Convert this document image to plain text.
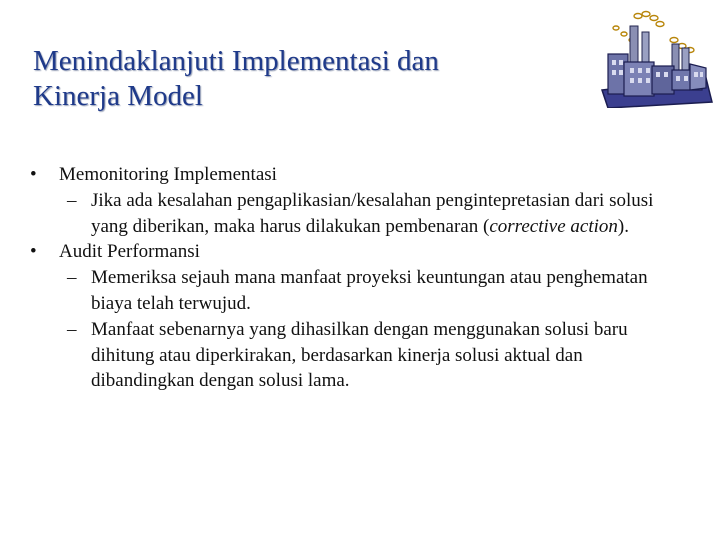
Menindaklanjuti Implementasi dan
Kinerja Model
• Memonitoring Implementasi
– Jika ada kesalahan pengaplikasian/kesalahan pengintepretasian dari solusi yang diberikan, maka harus dilakukan pembenaran (corrective action).
• Audit Performansi
– Memeriksa sejauh mana manfaat proyeksi keuntungan atau penghematan biaya telah terwujud.
– Manfaat sebenarnya yang dihasilkan dengan menggunakan solusi baru dihitung atau diperkirakan, berdasarkan kinerja solusi aktual dan dibandingkan dengan solusi lama.
